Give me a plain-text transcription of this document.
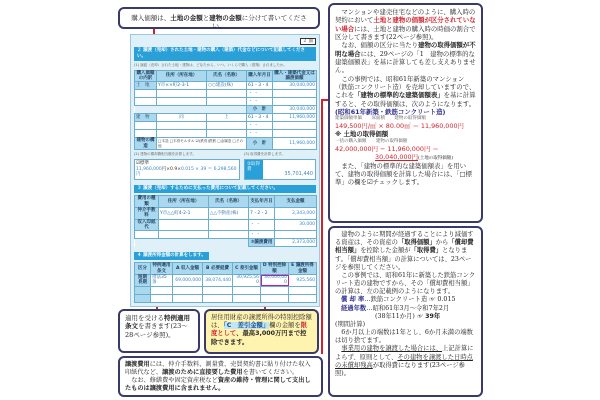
購入価額は、土地の金額と建物の金額に分けて書いてください。
２ 面
２ 譲渡（売却）された土地・建物の購入（建築）代金などについて記載してください。
(1) 譲渡（売却）された土地・建物は、どなたから、いつ、いくらで購入（建築）されましたか。
購入価額の内訳	住所（所在地）	氏名（名称）	購入年月日	購入・建築代金又は譲渡価額
土　地	Y市××町2-3-1	○○建設(株)	61・3・4	30,040,000
			・ ・	
			・ ・	
			小　計	30,040,000
建　物	同	上	61・3・4	11,960,000
			・ ・	
			・ ・	
建物の構造	□木造 □木骨モルタル ☑(鉄骨)鉄筋 □金属造 □その他		小　計	11,960,000
(2) 建物の償却費相当額を計算します。	(3) 取得費を計算します。
☑標準
11,960,000円×0.9×0.015 × 39 ＝ 6,298,560円
②取得費
35,701,440
３ 譲渡（売却）するために支払った費用について記載してください。
費用の種類	住所（所在地）	氏名（名称）	支払年月日	支払金額
仲介手数料	Y市△△町4-2-1	△△不動産(株)	7・2・2	2,343,000
収入印紙代			・ ・	30,000
			・ ・	
			③譲渡費用	2,373,000
４ 譲渡所得金額の計算をします。
区分	特例適用条文	A 収入金額	B 必要経費	C 差引金額	D 特別控除額	E 譲渡所得金額
短期長期	措法35条	69,000,000	38,074,440	30,925,560	30,000,000	925,560

マンションや建売住宅などのように、購入時の契約において土地と建物の価額が区分されていない場合には、土地と建物の購入時の時価の割合で区分して書きます(22ページ参照)。

なお、価額の区分に当たり建物の取得価額が不明な場合には、29ページの「1　建物の標準的な建築価額表」を基に計算しても差し支えありません。

この事例では、昭和61年新築のマンション（鉄筋コンクリート造）を売却していますので、これを「建物の標準的な建築価額表」を基に計算すると、その取得価額は、次のようになります。

(昭和61年新築・鉄筋コンクリート造)

建築価額単価 床面積 建物の取得価額

149,500円/㎡ × 80.00㎡ ＝ 11,960,000円

※ 土地の取得価額

一括の購入価額 建物の取得価額

42,000,000円 − 11,960,000円 ＝

30,040,000円(土地の取得価額)

また、「建物の標準的な建築価額表」を用いて、建物の取得価額を計算した場合には、「□標準」の欄を☑チェックします。

建物のように期間が経過することにより減価する資産は、その資産の「取得価額」から「償却費相当額」を控除した金額が「取得費」となります。「償却費相当額」の計算については、23ページを参照してください。

この事例では、昭和61年に新築した鉄筋コンクリート造の建物ですから、その「償却費相当額」の計算は、左の記載例のようになります。

償 却 率…鉄筋コンクリート造 ☞ 0.015

経過年数…昭和61年3月～令和7年2月

(38年11か月) ☞ 39年

(期間計算)

6か月以上の端数は1年とし、6か月未満の端数は切り捨てます。

事業用の建物を譲渡した場合には、上記計算によらず、原則として、その建物を譲渡した日時点の未償却残高が取得費になります(23ページ参照)。

適用を受ける特例適用条文を書きます(23～28ページ参照)。
居住用財産の譲渡所得の特別控除額は、「C　差引金額」欄の金額を限度として、最高3,000万円まで控除できます。
譲渡費用には、仲介手数料、測量費、売買契約書に貼り付けた収入印紙代など、譲渡のために直接要した費用を書いてください。
　なお、修繕費や固定資産税など資産の維持・管理に関して支出したものは譲渡費用に含まれません。
